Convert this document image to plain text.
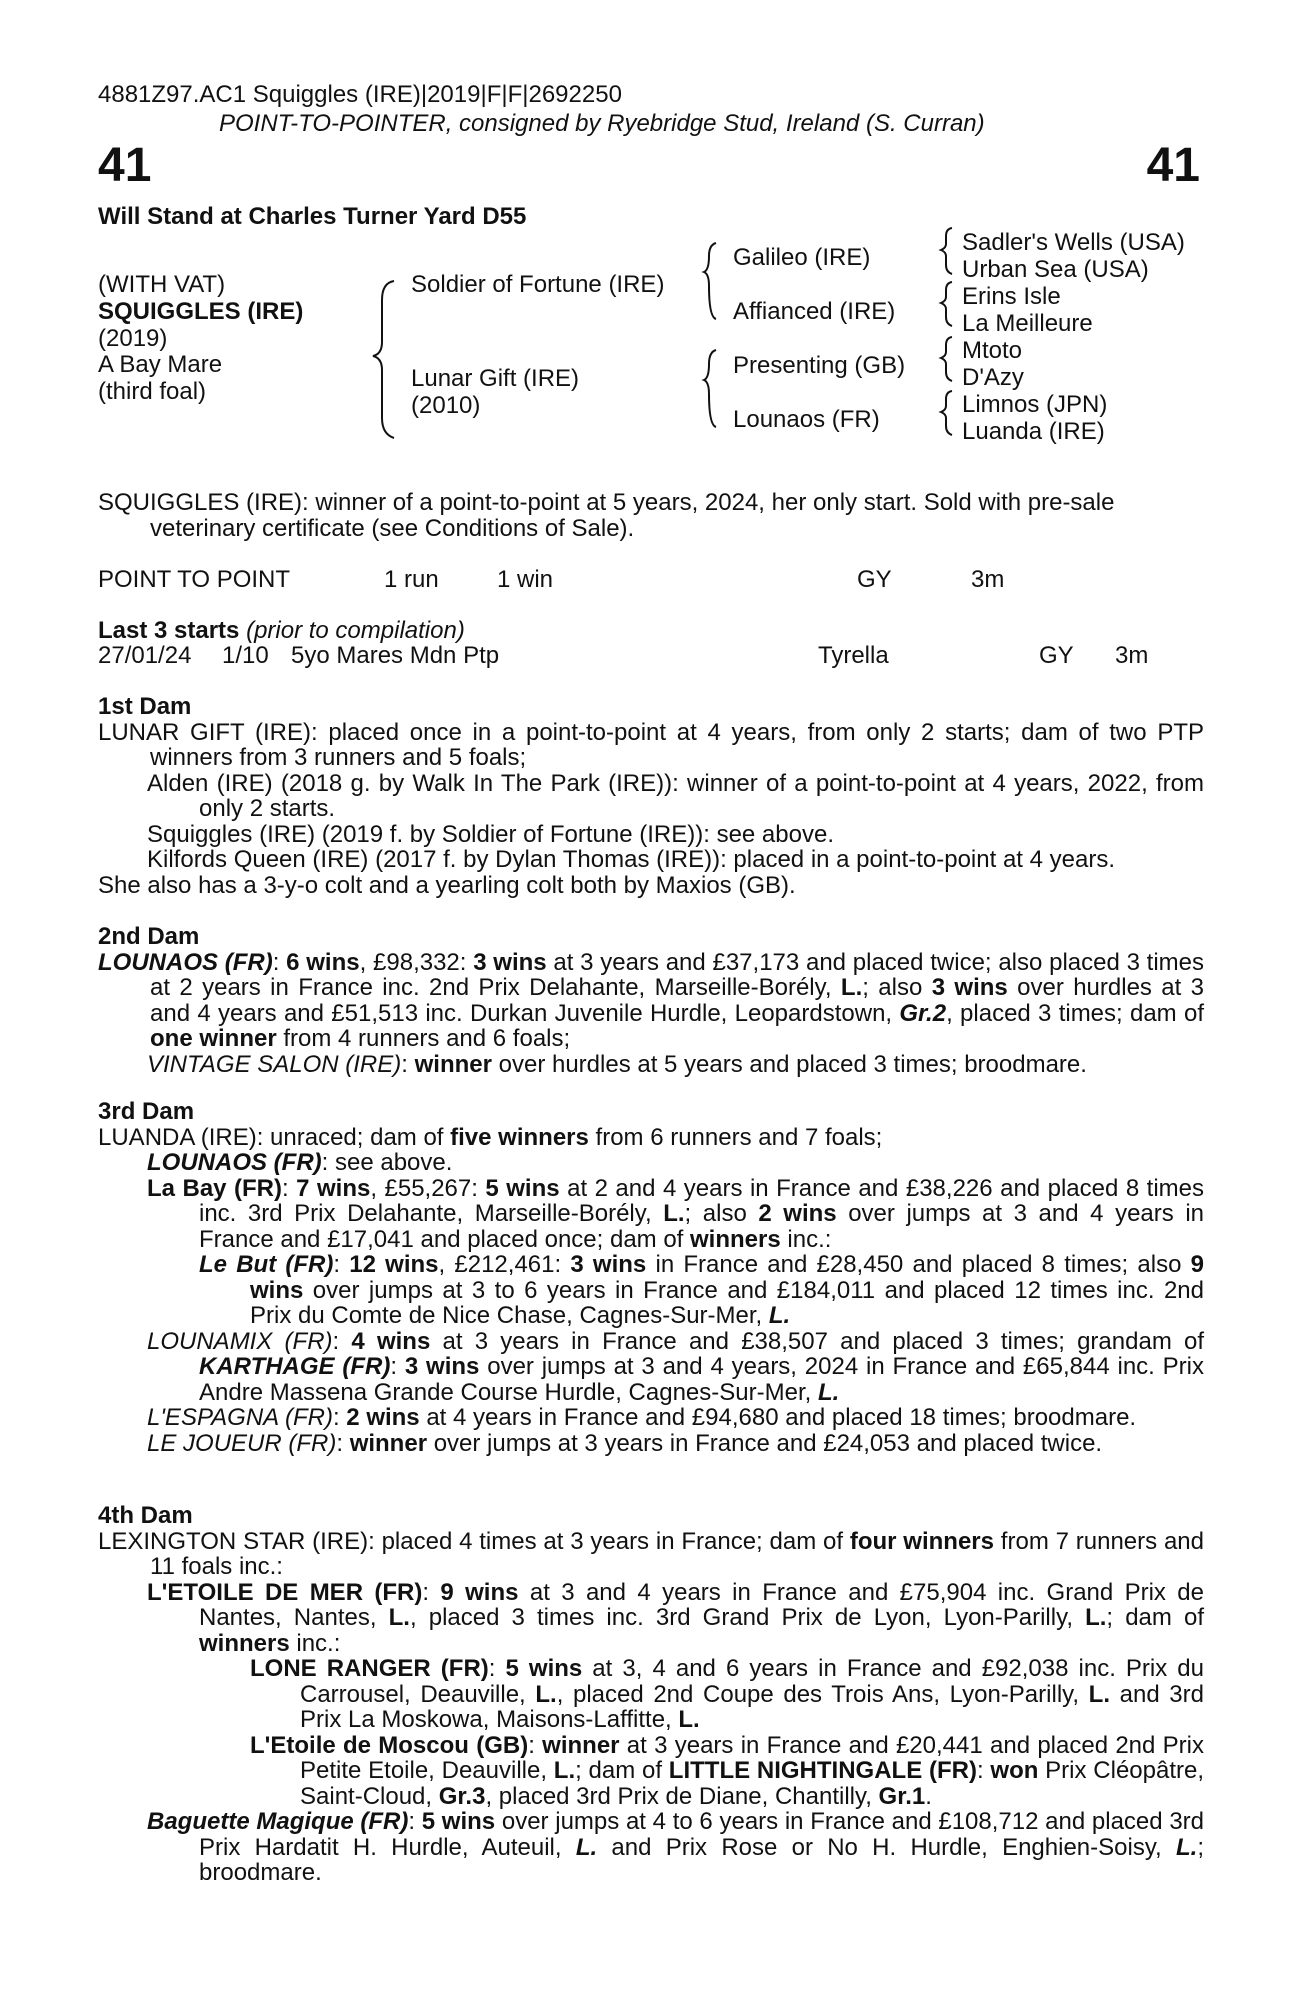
4881Z97.AC1 Squiggles (IRE)|2019|F|F|2692250
POINT-TO-POINTER, consigned by Ryebridge Stud, Ireland (S. Curran)
41	41
Will Stand at Charles Turner Yard D55
(WITH VAT)
SQUIGGLES (IRE)
(2019)
A Bay Mare
(third foal)
Soldier of Fortune (IRE)
Lunar Gift (IRE)
(2010)
Galileo (IRE)
Affianced (IRE)
Presenting (GB)
Lounaos (FR)
Sadler's Wells (USA)
Urban Sea (USA)
Erins Isle
La Meilleure
Mtoto
D'Azy
Limnos (JPN)
Luanda (IRE)
SQUIGGLES (IRE): winner of a point-to-point at 5 years, 2024, her only start. Sold with pre-sale
veterinary certificate (see Conditions of Sale).
POINT TO POINT	1 run 1 win	GY	3m
Last 3 starts (prior to compilation)
27/01/24 1/10 5yo Mares Mdn Ptp	Tyrella	GY 3m

1st Dam

LUNAR GIFT (IRE): placed once in a point-to-point at 4 years, from only 2 starts; dam of two PTP winners from 3 runners and 5 foals;

Alden (IRE) (2018 g. by Walk In The Park (IRE)): winner of a point-to-point at 4 years, 2022, from only 2 starts.

Squiggles (IRE) (2019 f. by Soldier of Fortune (IRE)): see above.

Kilfords Queen (IRE) (2017 f. by Dylan Thomas (IRE)): placed in a point-to-point at 4 years.

She also has a 3-y-o colt and a yearling colt both by Maxios (GB).

2nd Dam

LOUNAOS (FR): 6 wins, £98,332: 3 wins at 3 years and £37,173 and placed twice; also placed 3 times at 2 years in France inc. 2nd Prix Delahante, Marseille-Borély, L.; also 3 wins over hurdles at 3 and 4 years and £51,513 inc. Durkan Juvenile Hurdle, Leopardstown, Gr.2, placed 3 times; dam of one winner from 4 runners and 6 foals;

VINTAGE SALON (IRE): winner over hurdles at 5 years and placed 3 times; broodmare.

3rd Dam

LUANDA (IRE): unraced; dam of five winners from 6 runners and 7 foals;

LOUNAOS (FR): see above.

La Bay (FR): 7 wins, £55,267: 5 wins at 2 and 4 years in France and £38,226 and placed 8 times inc. 3rd Prix Delahante, Marseille-Borély, L.; also 2 wins over jumps at 3 and 4 years in France and £17,041 and placed once; dam of winners inc.:

Le But (FR): 12 wins, £212,461: 3 wins in France and £28,450 and placed 8 times; also 9 wins over jumps at 3 to 6 years in France and £184,011 and placed 12 times inc. 2nd Prix du Comte de Nice Chase, Cagnes-Sur-Mer, L.

LOUNAMIX (FR): 4 wins at 3 years in France and £38,507 and placed 3 times; grandam of KARTHAGE (FR): 3 wins over jumps at 3 and 4 years, 2024 in France and £65,844 inc. Prix Andre Massena Grande Course Hurdle, Cagnes-Sur-Mer, L.

L'ESPAGNA (FR): 2 wins at 4 years in France and £94,680 and placed 18 times; broodmare.

LE JOUEUR (FR): winner over jumps at 3 years in France and £24,053 and placed twice.

4th Dam

LEXINGTON STAR (IRE): placed 4 times at 3 years in France; dam of four winners from 7 runners and 11 foals inc.:

L'ETOILE DE MER (FR): 9 wins at 3 and 4 years in France and £75,904 inc. Grand Prix de Nantes, Nantes, L., placed 3 times inc. 3rd Grand Prix de Lyon, Lyon-Parilly, L.; dam of winners inc.:

LONE RANGER (FR): 5 wins at 3, 4 and 6 years in France and £92,038 inc. Prix du Carrousel, Deauville, L., placed 2nd Coupe des Trois Ans, Lyon-Parilly, L. and 3rd Prix La Moskowa, Maisons-Laffitte, L.

L'Etoile de Moscou (GB): winner at 3 years in France and £20,441 and placed 2nd Prix Petite Etoile, Deauville, L.; dam of LITTLE NIGHTINGALE (FR): won Prix Cléopâtre, Saint-Cloud, Gr.3, placed 3rd Prix de Diane, Chantilly, Gr.1.

Baguette Magique (FR): 5 wins over jumps at 4 to 6 years in France and £108,712 and placed 3rd Prix Hardatit H. Hurdle, Auteuil, L. and Prix Rose or No H. Hurdle, Enghien-Soisy, L.; broodmare.
